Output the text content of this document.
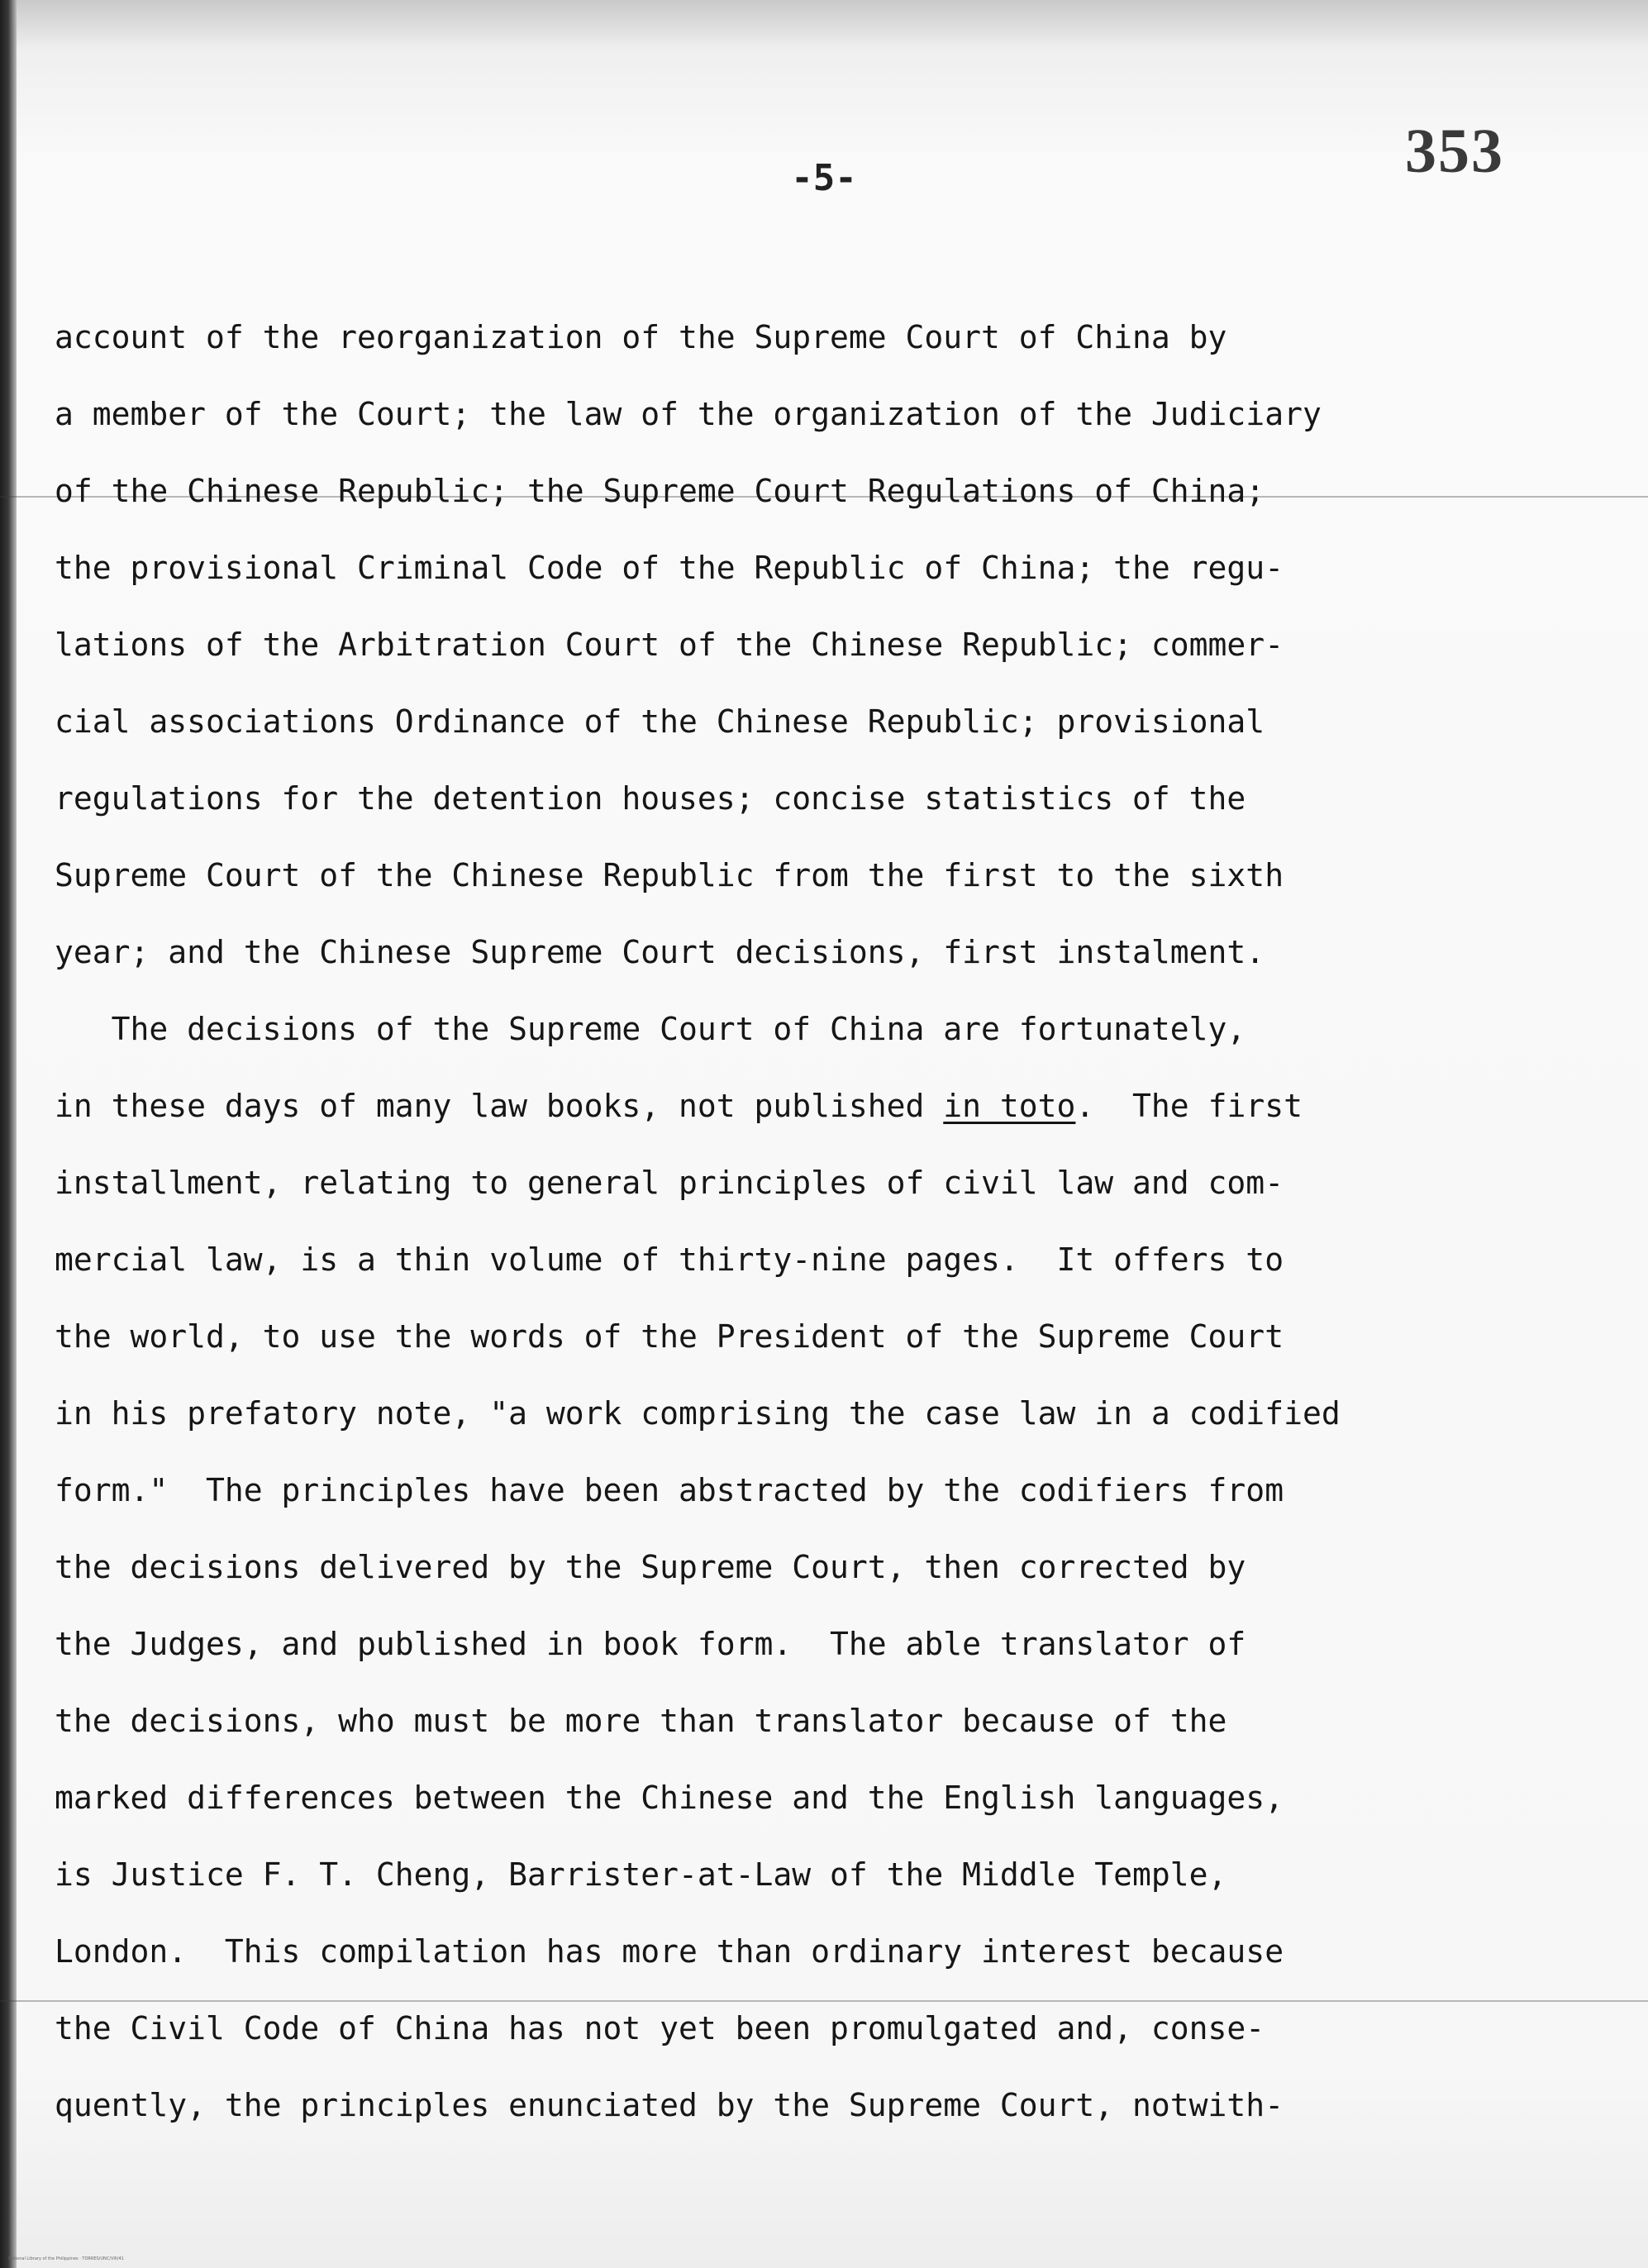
-5-	353
account of the reorganization of the Supreme Court of China by
a member of the Court; the law of the organization of the Judiciary
of the Chinese Republic; the Supreme Court Regulations of China;
the provisional Criminal Code of the Republic of China; the regu-
lations of the Arbitration Court of the Chinese Republic; commer-
cial associations Ordinance of the Chinese Republic; provisional
regulations for the detention houses; concise statistics of the
Supreme Court of the Chinese Republic from the first to the sixth
year; and the Chinese Supreme Court decisions, first instalment.
The decisions of the Supreme Court of China are fortunately,
in these days of many law books, not published in toto.  The first
installment, relating to general principles of civil law and com-
mercial law, is a thin volume of thirty-nine pages.  It offers to
the world, to use the words of the President of the Supreme Court
in his prefatory note, "a work comprising the case law in a codified
form."  The principles have been abstracted by the codifiers from
the decisions delivered by the Supreme Court, then corrected by
the Judges, and published in book form.  The able translator of
the decisions, who must be more than translator because of the
marked differences between the Chinese and the English languages,
is Justice F. T. Cheng, Barrister-at-Law of the Middle Temple,
London.  This compilation has more than ordinary interest because
the Civil Code of China has not yet been promulgated and, conse-
quently, the principles enunciated by the Supreme Court, notwith-
National Library of the Philippines · TORRES/UNC/VIII/41
